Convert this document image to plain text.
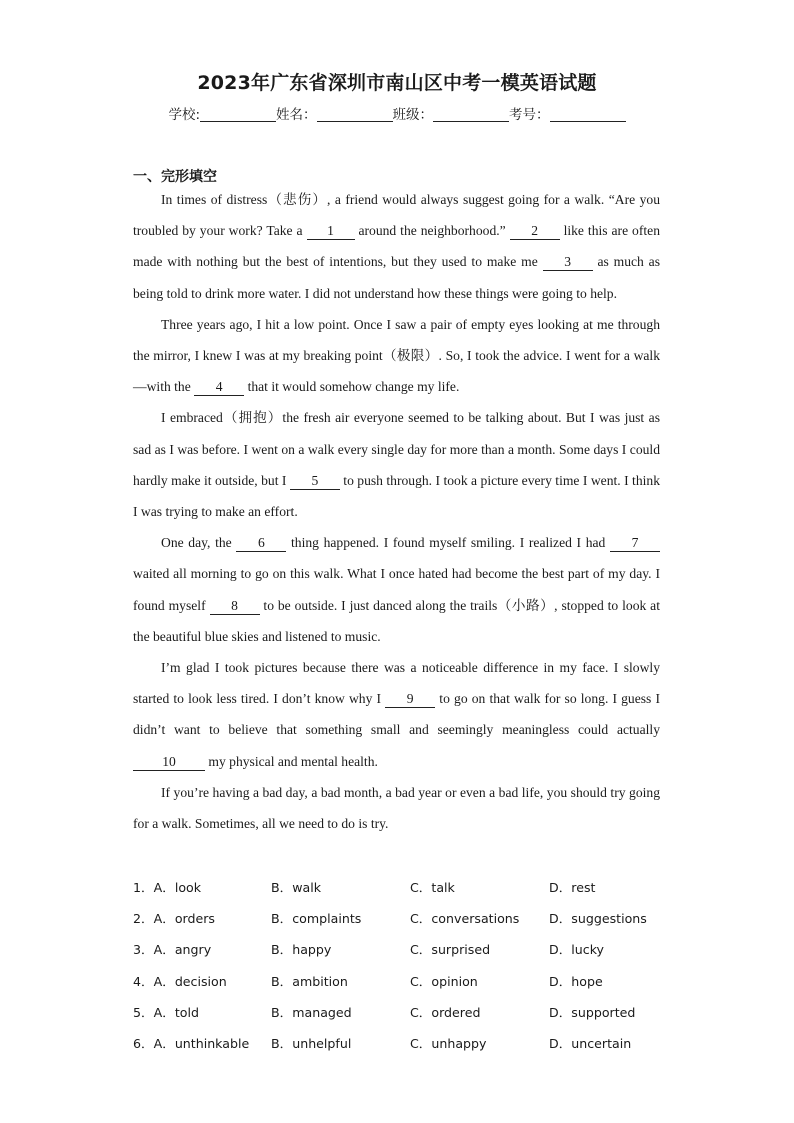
2023年广东省深圳市南山区中考一模英语试题
学校:	姓名：	班级：	考号：
一、完形填空

In times of distress（悲伤）, a friend would always suggest going for a walk. “Are you troubled by your work? Take a 1 around the neighborhood.” 2 like this are often made with nothing but the best of intentions, but they used to make me 3 as much as being told to drink more water. I did not understand how these things were going to help.

Three years ago, I hit a low point. Once I saw a pair of empty eyes looking at me through the mirror, I knew I was at my breaking point（极限）. So, I took the advice. I went for a walk—with the 4 that it would somehow change my life.

I embraced（拥抱）the fresh air everyone seemed to be talking about. But I was just as sad as I was before. I went on a walk every single day for more than a month. Some days I could hardly make it outside, but I 5 to push through. I took a picture every time I went. I think I was trying to make an effort.

One day, the 6 thing happened. I found myself smiling. I realized I had 7 waited all morning to go on this walk. What I once hated had become the best part of my day. I found myself 8 to be outside. I just danced along the trails（小路）, stopped to look at the beautiful blue skies and listened to music.

I’m glad I took pictures because there was a noticeable difference in my face. I slowly started to look less tired. I don’t know why I 9 to go on that walk for so long. I guess I didn’t want to believe that something small and seemingly meaningless could actually 10 my physical and mental health.

If you’re having a bad day, a bad month, a bad year or even a bad life, you should try going for a walk. Sometimes, all we need to do is try.

1．A．look	B．walk	C．talk	D．rest
2．A．orders	B．complaints	C．conversations	D．suggestions
3．A．angry	B．happy	C．surprised	D．lucky
4．A．decision	B．ambition	C．opinion	D．hope
5．A．told	B．managed	C．ordered	D．supported
6．A．unthinkable	B．unhelpful	C．unhappy	D．uncertain
